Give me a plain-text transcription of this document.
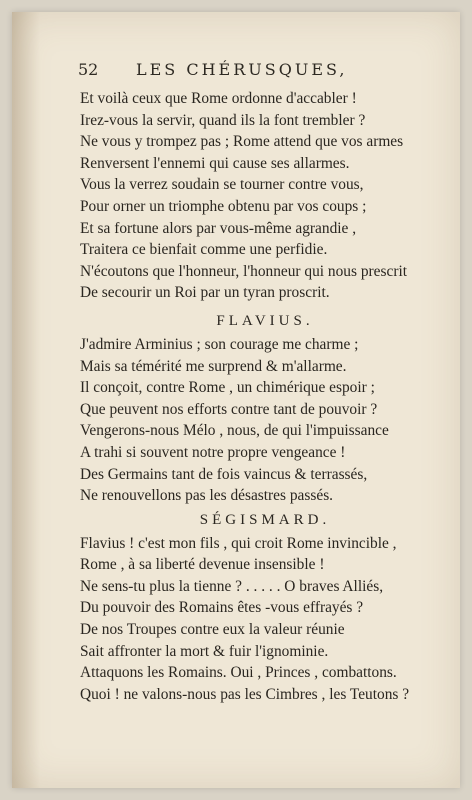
52 LES CHÉRUSQUES,
Et voilà ceux que Rome ordonne d'accabler !
Irez-vous la servir, quand ils la font trembler ?
Ne vous y trompez pas ; Rome attend que vos armes
Renversent l'ennemi qui cause ses allarmes.
Vous la verrez soudain se tourner contre vous,
Pour orner un triomphe obtenu par vos coups ;
Et sa fortune alors par vous-même agrandie ,
Traitera ce bienfait comme une perfidie.
N'écoutons que l'honneur, l'honneur qui nous prescrit
De secourir un Roi par un tyran proscrit.
FLAVIUS.
J'admire Arminius ; son courage me charme ;
Mais sa témérité me surprend & m'allarme.
Il conçoit, contre Rome , un chimérique espoir ;
Que peuvent nos efforts contre tant de pouvoir ?
Vengerons-nous Mélo , nous, de qui l'impuissance
A trahi si souvent notre propre vengeance !
Des Germains tant de fois vaincus & terrassés,
Ne renouvellons pas les désastres passés.
SÉGISMARD.
Flavius ! c'est mon fils , qui croit Rome invincible ,
Rome , à sa liberté devenue insensible !
Ne sens-tu plus la tienne ? . . . . . O braves Alliés,
Du pouvoir des Romains êtes -vous effrayés ?
De nos Troupes contre eux la valeur réunie
Sait affronter la mort & fuir l'ignominie.
Attaquons les Romains. Oui , Princes , combattons.
Quoi ! ne valons-nous pas les Cimbres , les Teutons ?
